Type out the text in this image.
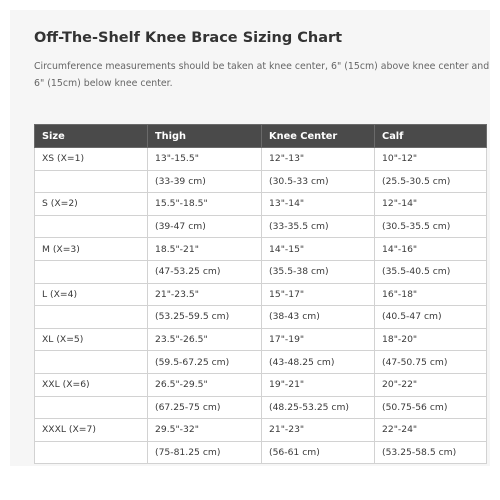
Off-The-Shelf Knee Brace Sizing Chart

Circumference measurements should be taken at knee center, 6" (15cm) above knee center and 6" (15cm) below knee center.

Size	Thigh	Knee Center	Calf
XS (X=1)	13"-15.5"	12"-13"	10"-12"
	(33-39 cm)	(30.5-33 cm)	(25.5-30.5 cm)
S (X=2)	15.5"-18.5"	13"-14"	12"-14"
	(39-47 cm)	(33-35.5 cm)	(30.5-35.5 cm)
M (X=3)	18.5"-21"	14"-15"	14"-16"
	(47-53.25 cm)	(35.5-38 cm)	(35.5-40.5 cm)
L (X=4)	21"-23.5"	15"-17"	16"-18"
	(53.25-59.5 cm)	(38-43 cm)	(40.5-47 cm)
XL (X=5)	23.5"-26.5"	17"-19"	18"-20"
	(59.5-67.25 cm)	(43-48.25 cm)	(47-50.75 cm)
XXL (X=6)	26.5"-29.5"	19"-21"	20"-22"
	(67.25-75 cm)	(48.25-53.25 cm)	(50.75-56 cm)
XXXL (X=7)	29.5"-32"	21"-23"	22"-24"
	(75-81.25 cm)	(56-61 cm)	(53.25-58.5 cm)
